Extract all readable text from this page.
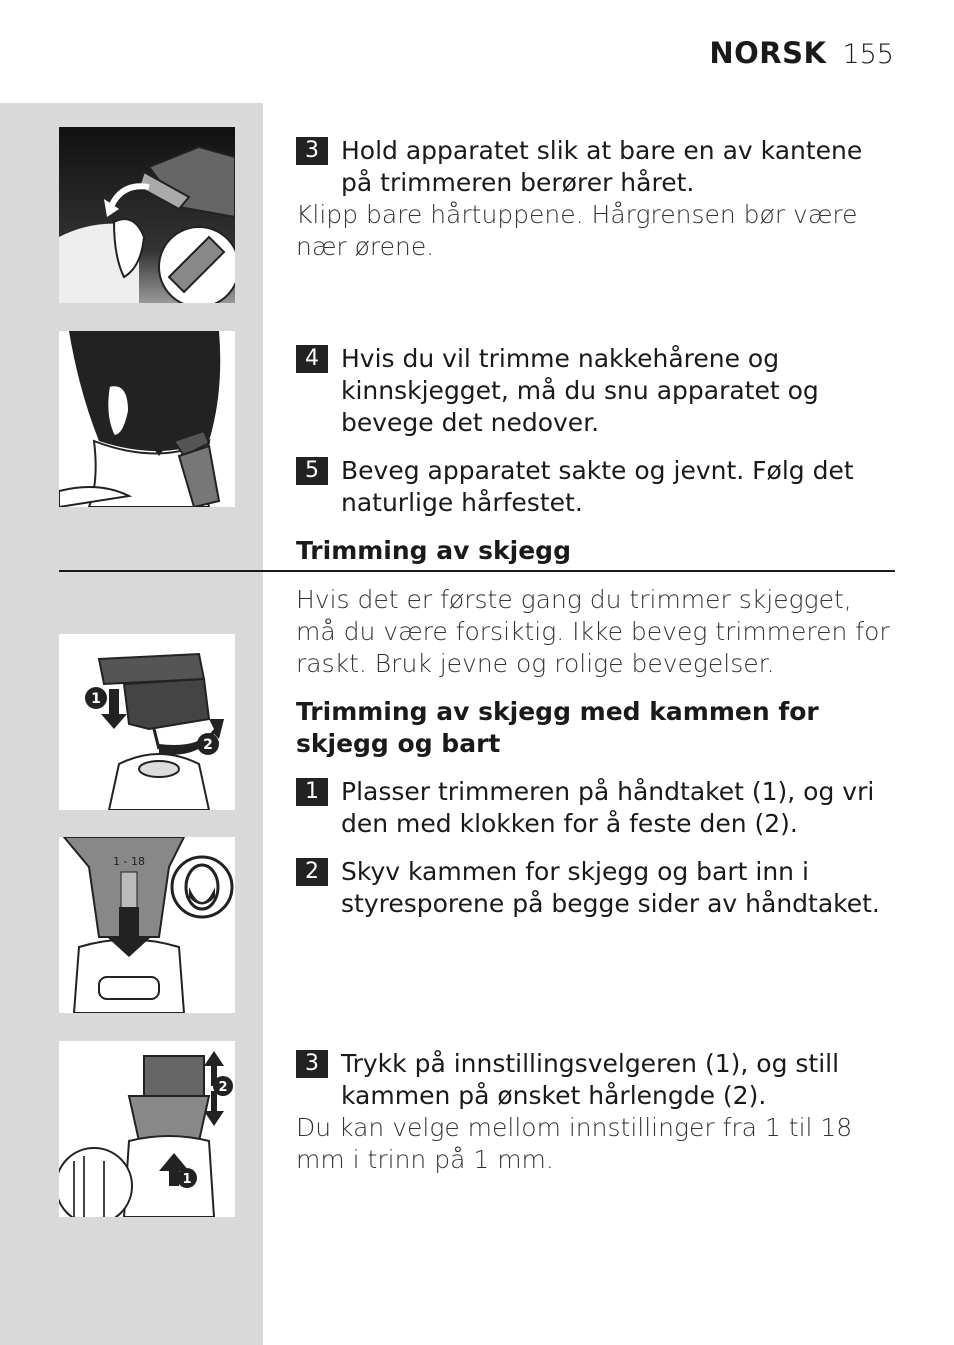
NORSK 155
1
2
1 - 18
2
1
3 Hold apparatet slik at bare en av kantene på trimmeren berører håret.
Klipp bare hårtuppene. Hårgrensen bør være nær ørene.
4 Hvis du vil trimme nakkehårene og kinnskjegget, må du snu apparatet og bevege det nedover.
5 Beveg apparatet sakte og jevnt. Følg det naturlige hårfestet.
Trimming av skjegg
Hvis det er første gang du trimmer skjegget, må du være forsiktig. Ikke beveg trimmeren for raskt. Bruk jevne og rolige bevegelser.
Trimming av skjegg med kammen for skjegg og bart
1 Plasser trimmeren på håndtaket (1), og vri den med klokken for å feste den (2).
2 Skyv kammen for skjegg og bart inn i styresporene på begge sider av håndtaket.
3 Trykk på innstillingsvelgeren (1), og still kammen på ønsket hårlengde (2).
Du kan velge mellom innstillinger fra 1 til 18 mm i trinn på 1 mm.
